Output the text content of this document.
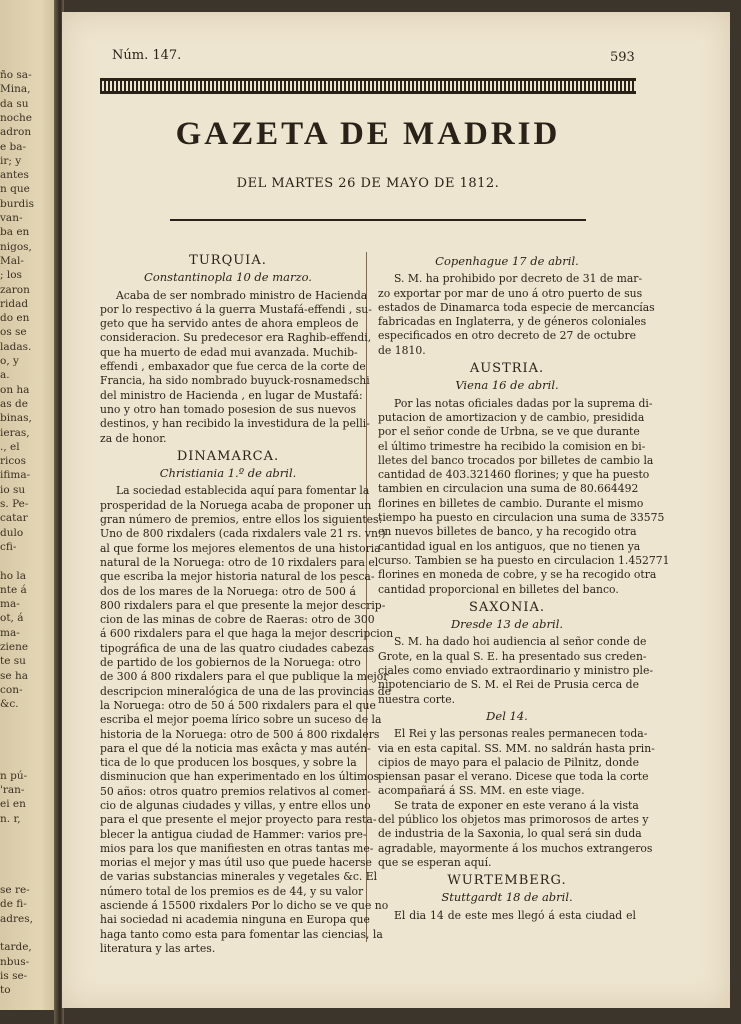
ño sa-
Mina,
da su
noche
adron
e ba-
ir; y
antes
n que
burdis
van-
ba en
nigos,
Mal-
; los
zaron
ridad
do en
os se
ladas.
o, y
a.
on ha
as de
binas,
ieras,
., el
ricos
ifima-
io su
s. Pe-
catar
dulo
cfi-
ho la
nte á
ma-
ot, á
ma-
ziene
te su
se ha
con-
&c.
n pú-
'ran-
ei en
n. r,
se re-
de fi-
adres,
tarde,
nbus-
is se-
to
Núm. 147.	593
GAZETA DE MADRID
DEL MARTES 26 DE MAYO DE 1812.
TURQUIA.
Constantinopla 10 de marzo.
Acaba de ser nombrado ministro de Hacienda
por lo respectivo á la guerra Mustafá-effendi , su-
geto que ha servido antes de ahora empleos de
consideracion. Su predecesor era Raghib-effendi,
que ha muerto de edad mui avanzada. Muchib-
effendi , embaxador que fue cerca de la corte de
Francia, ha sido nombrado buyuck-rosnamedschi
del ministro de Hacienda , en lugar de Mustafá:
uno y otro han tomado posesion de sus nuevos
destinos, y han recibido la investidura de la pelli-
za de honor.
DINAMARCA.
Christiania 1.º de abril.
La sociedad establecida aquí para fomentar la
prosperidad de la Noruega acaba de proponer un
gran número de premios, entre ellos los siguientes:
Uno de 800 rixdalers (cada rixdalers vale 21 rs. vn.)
al que forme los mejores elementos de una historia
natural de la Noruega: otro de 10 rixdalers para el
que escriba la mejor historia natural de los pesca-
dos de los mares de la Noruega: otro de 500 á
800 rixdalers para el que presente la mejor descrip-
cion de las minas de cobre de Raeras: otro de 300
á 600 rixdalers para el que haga la mejor descripcion
tipográfica de una de las quatro ciudades cabezas
de partido de los gobiernos de la Noruega: otro
de 300 á 800 rixdalers para el que publique la mejor
descripcion mineralógica de una de las provincias de
la Noruega: otro de 50 á 500 rixdalers para el que
escriba el mejor poema lírico sobre un suceso de la
historia de la Noruega: otro de 500 á 800 rixdalers
para el que dé la noticia mas exâcta y mas autén-
tica de lo que producen los bosques, y sobre la
disminucion que han experimentado en los últimos
50 años: otros quatro premios relativos al comer-
cio de algunas ciudades y villas, y entre ellos uno
para el que presente el mejor proyecto para resta-
blecer la antigua ciudad de Hammer: varios pre-
mios para los que manifiesten en otras tantas me-
morias el mejor y mas útil uso que puede hacerse
de varias substancias minerales y vegetales &c. El
número total de los premios es de 44, y su valor
asciende á 15500 rixdalers Por lo dicho se ve que no
hai sociedad ni academia ninguna en Europa que
haga tanto como esta para fomentar las ciencias, la
literatura y las artes.
Copenhague 17 de abril.
S. M. ha prohibido por decreto de 31 de mar-
zo exportar por mar de uno á otro puerto de sus
estados de Dinamarca toda especie de mercancías
fabricadas en Inglaterra, y de géneros coloniales
especificados en otro decreto de 27 de octubre
de 1810.
AUSTRIA.
Viena 16 de abril.
Por las notas oficiales dadas por la suprema di-
putacion de amortizacion y de cambio, presidida
por el señor conde de Urbna, se ve que durante
el último trimestre ha recibido la comision en bi-
lletes del banco trocados por billetes de cambio la
cantidad de 403.321460 florines; y que ha puesto
tambien en circulacion una suma de 80.664492
florines en billetes de cambio. Durante el mismo
tiempo ha puesto en circulacion una suma de 33575
en nuevos billetes de banco, y ha recogido otra
cantidad igual en los antiguos, que no tienen ya
curso. Tambien se ha puesto en circulacion 1.452771
florines en moneda de cobre, y se ha recogido otra
cantidad proporcional en billetes del banco.
SAXONIA.
Dresde 13 de abril.
S. M. ha dado hoi audiencia al señor conde de
Grote, en la qual S. E. ha presentado sus creden-
ciales como enviado extraordinario y ministro ple-
nipotenciario de S. M. el Rei de Prusia cerca de
nuestra corte.
Del 14.
El Rei y las personas reales permanecen toda-
via en esta capital. SS. MM. no saldrán hasta prin-
cipios de mayo para el palacio de Pilnitz, donde
piensan pasar el verano. Dicese que toda la corte
acompañará á SS. MM. en este viage.
Se trata de exponer en este verano á la vista
del público los objetos mas primorosos de artes y
de industria de la Saxonia, lo qual será sin duda
agradable, mayormente á los muchos extrangeros
que se esperan aquí.
WURTEMBERG.
Stuttgardt 18 de abril.
El dia 14 de este mes llegó á esta ciudad el
